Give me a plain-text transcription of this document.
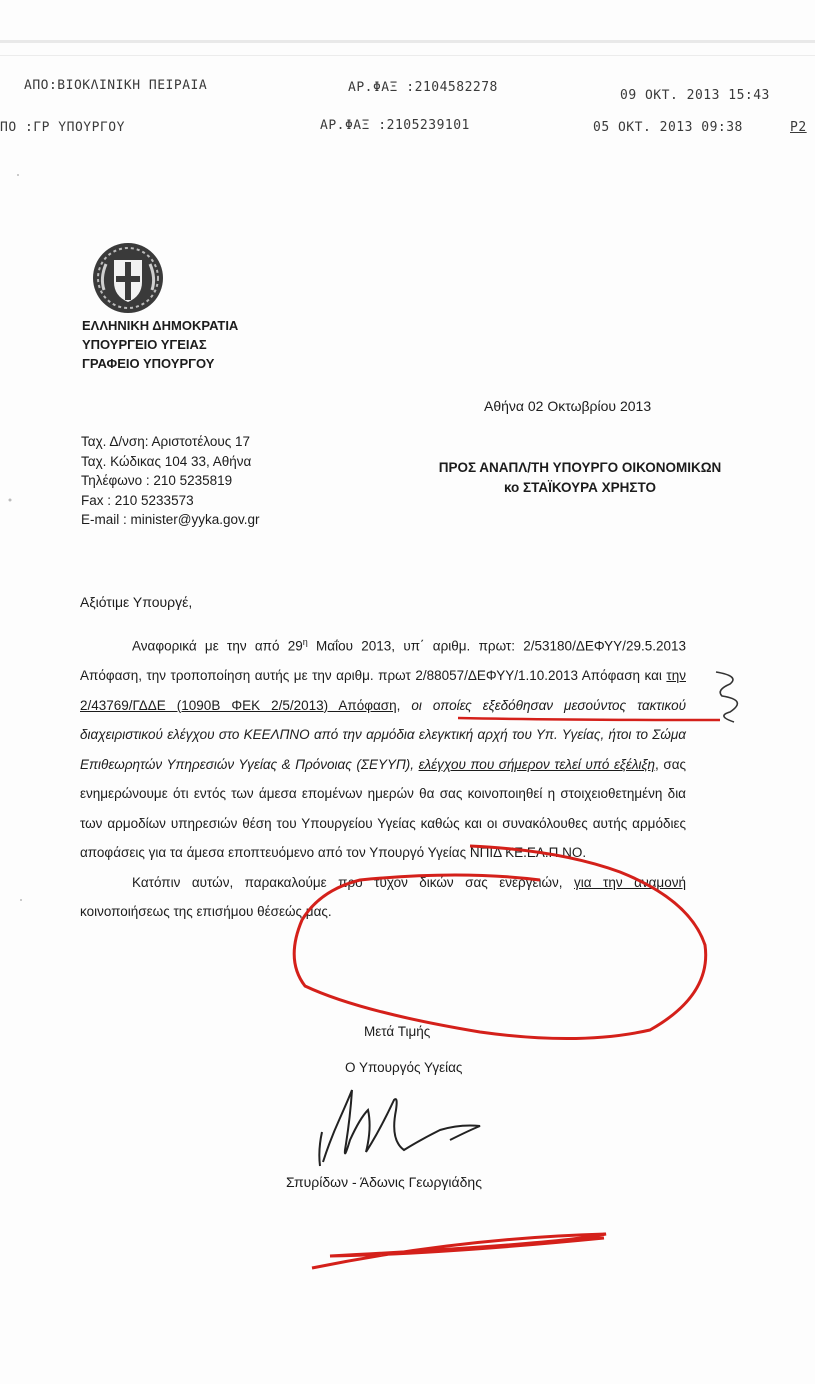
ΑΠΟ:ΒΙΟΚΛΙΝΙΚΗ ΠΕΙΡΑΙΑ	ΑΡ.ΦΑΞ :2104582278
09 ΟΚΤ. 2013 15:43
ΠΟ :ΓΡ ΥΠΟΥΡΓΟΥ	ΑΡ.ΦΑΞ :2105239101	05 ΟΚΤ. 2013 09:38	P2
ΕΛΛΗΝΙΚΗ ΔΗΜΟΚΡΑΤΙΑ
ΥΠΟΥΡΓΕΙΟ ΥΓΕΙΑΣ
ΓΡΑΦΕΙΟ ΥΠΟΥΡΓΟΥ
Αθήνα 02 Οκτωβρίου 2013
Ταχ. Δ/νση: Αριστοτέλους 17
Ταχ. Κώδικας 104 33, Αθήνα
Τηλέφωνο : 210 5235819
Fax : 210 5233573
E-mail : minister@yyka.gov.gr
ΠΡΟΣ ΑΝΑΠΛ/ΤΗ ΥΠΟΥΡΓΟ ΟΙΚΟΝΟΜΙΚΩΝ
κο ΣΤΑΪΚΟΥΡΑ ΧΡΗΣΤΟ
Αξιότιμε Υπουργέ,

Αναφορικά με την από $29^\eta$ Μαΐου 2013, υπ΄ αριθμ. πρωτ: 2/53180/ΔΕΦΥΥ/29.5.2013 Απόφαση, την τροποποίηση αυτής με την αριθμ. πρωτ 2/88057/ΔΕΦΥΥ/1.10.2013 Απόφαση και την 2/43769/ΓΔΔΕ (1090Β ΦΕΚ 2/5/2013) Απόφαση, οι οποίες εξεδόθησαν μεσούντος τακτικού διαχειριστικού ελέγχου στο ΚΕΕΛΠΝΟ από την αρμόδια ελεγκτική αρχή του Υπ. Υγείας, ήτοι το Σώμα Επιθεωρητών Υπηρεσιών Υγείας & Πρόνοιας (ΣΕΥΥΠ), ελέγχου που σήμερον τελεί υπό εξέλιξη, σας ενημερώνουμε ότι εντός των άμεσα επομένων ημερών θα σας κοινοποιηθεί η στοιχειοθετημένη δια των αρμοδίων υπηρεσιών θέση του Υπουργείου Υγείας καθώς και οι συνακόλουθες αυτής αρμόδιες αποφάσεις για τα άμεσα εποπτευόμενο από τον Υπουργό Υγείας ΝΠΙΔ ΚΕ.ΕΛ.Π.ΝΟ.

Κατόπιν αυτών, παρακαλούμε προ τυχόν δικών σας ενεργειών, για την αναμονή κοινοποιήσεως της επισήμου θέσεώς μας.

Μετά Τιμής
Ο Υπουργός Υγείας
Σπυρίδων - Άδωνις Γεωργιάδης
